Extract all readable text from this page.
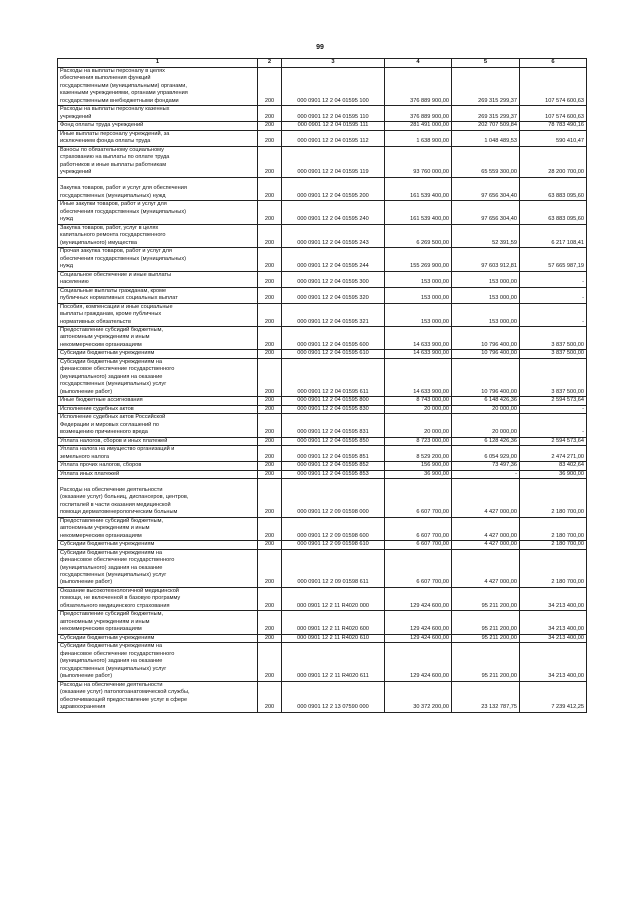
99
1	2	3	4	5	6
Расходы на выплаты персоналу в целях
обеспечения выполнения функций
государственными (муниципальными) органами,
казенными учреждениями, органами управления
государственными внебюджетными фондами	200	000 0901 12 2 04 01595 100	376 889 900,00	269 315 299,37	107 574 600,63
Расходы на выплаты персоналу казенных
учреждений	200	000 0901 12 2 04 01595 110	376 889 900,00	269 315 299,37	107 574 600,63
Фонд оплаты труда учреждений	200	000 0901 12 2 04 01595 111	281 491 000,00	202 707 509,84	78 783 490,16
Иные выплаты персоналу учреждений, за
исключением фонда оплаты труда	200	000 0901 12 2 04 01595 112	1 638 900,00	1 048 489,53	590 410,47
Взносы по обязательному социальному
страхованию на выплаты по оплате труда
работников и иные выплаты работникам
учреждений	200	000 0901 12 2 04 01595 119	93 760 000,00	65 559 300,00	28 200 700,00

Закупка товаров, работ и услуг для обеспечения
государственных (муниципальных) нужд	200	000 0901 12 2 04 01595 200	161 539 400,00	97 656 304,40	63 883 095,60
Иные закупки товаров, работ и услуг для
обеспечения государственных (муниципальных)
нужд	200	000 0901 12 2 04 01595 240	161 539 400,00	97 656 304,40	63 883 095,60
Закупка товаров, работ, услуг в целях
капитального ремонта государственного
(муниципального) имущества	200	000 0901 12 2 04 01595 243	6 269 500,00	52 391,59	6 217 108,41
Прочая закупка товаров, работ и услуг для
обеспечения государственных (муниципальных)
нужд	200	000 0901 12 2 04 01595 244	155 269 900,00	97 603 912,81	57 665 987,19
Социальное обеспечение и иные выплаты
населению	200	000 0901 12 2 04 01595 300	153 000,00	153 000,00	-
Социальные выплаты гражданам, кроме
публичных нормативных социальных выплат	200	000 0901 12 2 04 01595 320	153 000,00	153 000,00	-
Пособия, компенсации и иные социальные
выплаты гражданам, кроме публичных
нормативных обязательств	200	000 0901 12 2 04 01595 321	153 000,00	153 000,00	-
Предоставление субсидий бюджетным,
автономным учреждениям и иным
некоммерческим организациям	200	000 0901 12 2 04 01595 600	14 633 900,00	10 796 400,00	3 837 500,00
Субсидии бюджетным учреждениям	200	000 0901 12 2 04 01595 610	14 633 900,00	10 796 400,00	3 837 500,00
Субсидии бюджетным учреждениям на
финансовое обеспечение государственного
(муниципального) задания на оказание
государственных (муниципальных) услуг
(выполнение работ)	200	000 0901 12 2 04 01595 611	14 633 900,00	10 796 400,00	3 837 500,00
Иные бюджетные ассигнования	200	000 0901 12 2 04 01595 800	8 743 000,00	6 148 426,36	2 594 573,64
Исполнение судебных актов	200	000 0901 12 2 04 01595 830	20 000,00	20 000,00	-
Исполнение судебных актов Российской
Федерации и мировых соглашений по
возмещению причиненного вреда	200	000 0901 12 2 04 01595 831	20 000,00	20 000,00	-
Уплата налогов, сборов и иных платежей	200	000 0901 12 2 04 01595 850	8 723 000,00	6 128 426,36	2 594 573,64
Уплата налога на имущество организаций и
земельного налога	200	000 0901 12 2 04 01595 851	8 529 200,00	6 054 929,00	2 474 271,00
Уплата прочих налогов, сборов	200	000 0901 12 2 04 01595 852	156 900,00	73 497,36	83 402,64
Уплата иных платежей	200	000 0901 12 2 04 01595 853	36 900,00	-	36 900,00

Расходы на обеспечение деятельности
(оказание услуг) больниц, диспансеров, центров,
госпиталей в части оказания медицинской
помощи дерматовенерологическим больным	200	000 0901 12 2 09 01598 000	6 607 700,00	4 427 000,00	2 180 700,00
Предоставление субсидий бюджетным,
автономным учреждениям и иным
некоммерческим организациям	200	000 0901 12 2 09 01598 600	6 607 700,00	4 427 000,00	2 180 700,00
Субсидии бюджетным учреждениям	200	000 0901 12 2 09 01598 610	6 607 700,00	4 427 000,00	2 180 700,00
Субсидии бюджетным учреждениям на
финансовое обеспечение государственного
(муниципального) задания на оказание
государственных (муниципальных) услуг
(выполнение работ)	200	000 0901 12 2 09 01598 611	6 607 700,00	4 427 000,00	2 180 700,00
Оказание высокотехнологичной медицинской
помощи, не включенной в базовую программу
обязательного медицинского страхования	200	000 0901 12 2 11 R4020 000	129 424 600,00	95 211 200,00	34 213 400,00
Предоставление субсидий бюджетным,
автономным учреждениям и иным
некоммерческим организациям	200	000 0901 12 2 11 R4020 600	129 424 600,00	95 211 200,00	34 213 400,00
Субсидии бюджетным учреждениям	200	000 0901 12 2 11 R4020 610	129 424 600,00	95 211 200,00	34 213 400,00
Субсидии бюджетным учреждениям на
финансовое обеспечение государственного
(муниципального) задания на оказание
государственных (муниципальных) услуг
(выполнение работ)	200	000 0901 12 2 11 R4020 611	129 424 600,00	95 211 200,00	34 213 400,00
Расходы на обеспечение деятельности
(оказание услуг) патологоанатомической службы,
обеспечивающей предоставление услуг в сфере
здравоохранения	200	000 0901 12 2 13 07590 000	30 372 200,00	23 132 787,75	7 239 412,25
